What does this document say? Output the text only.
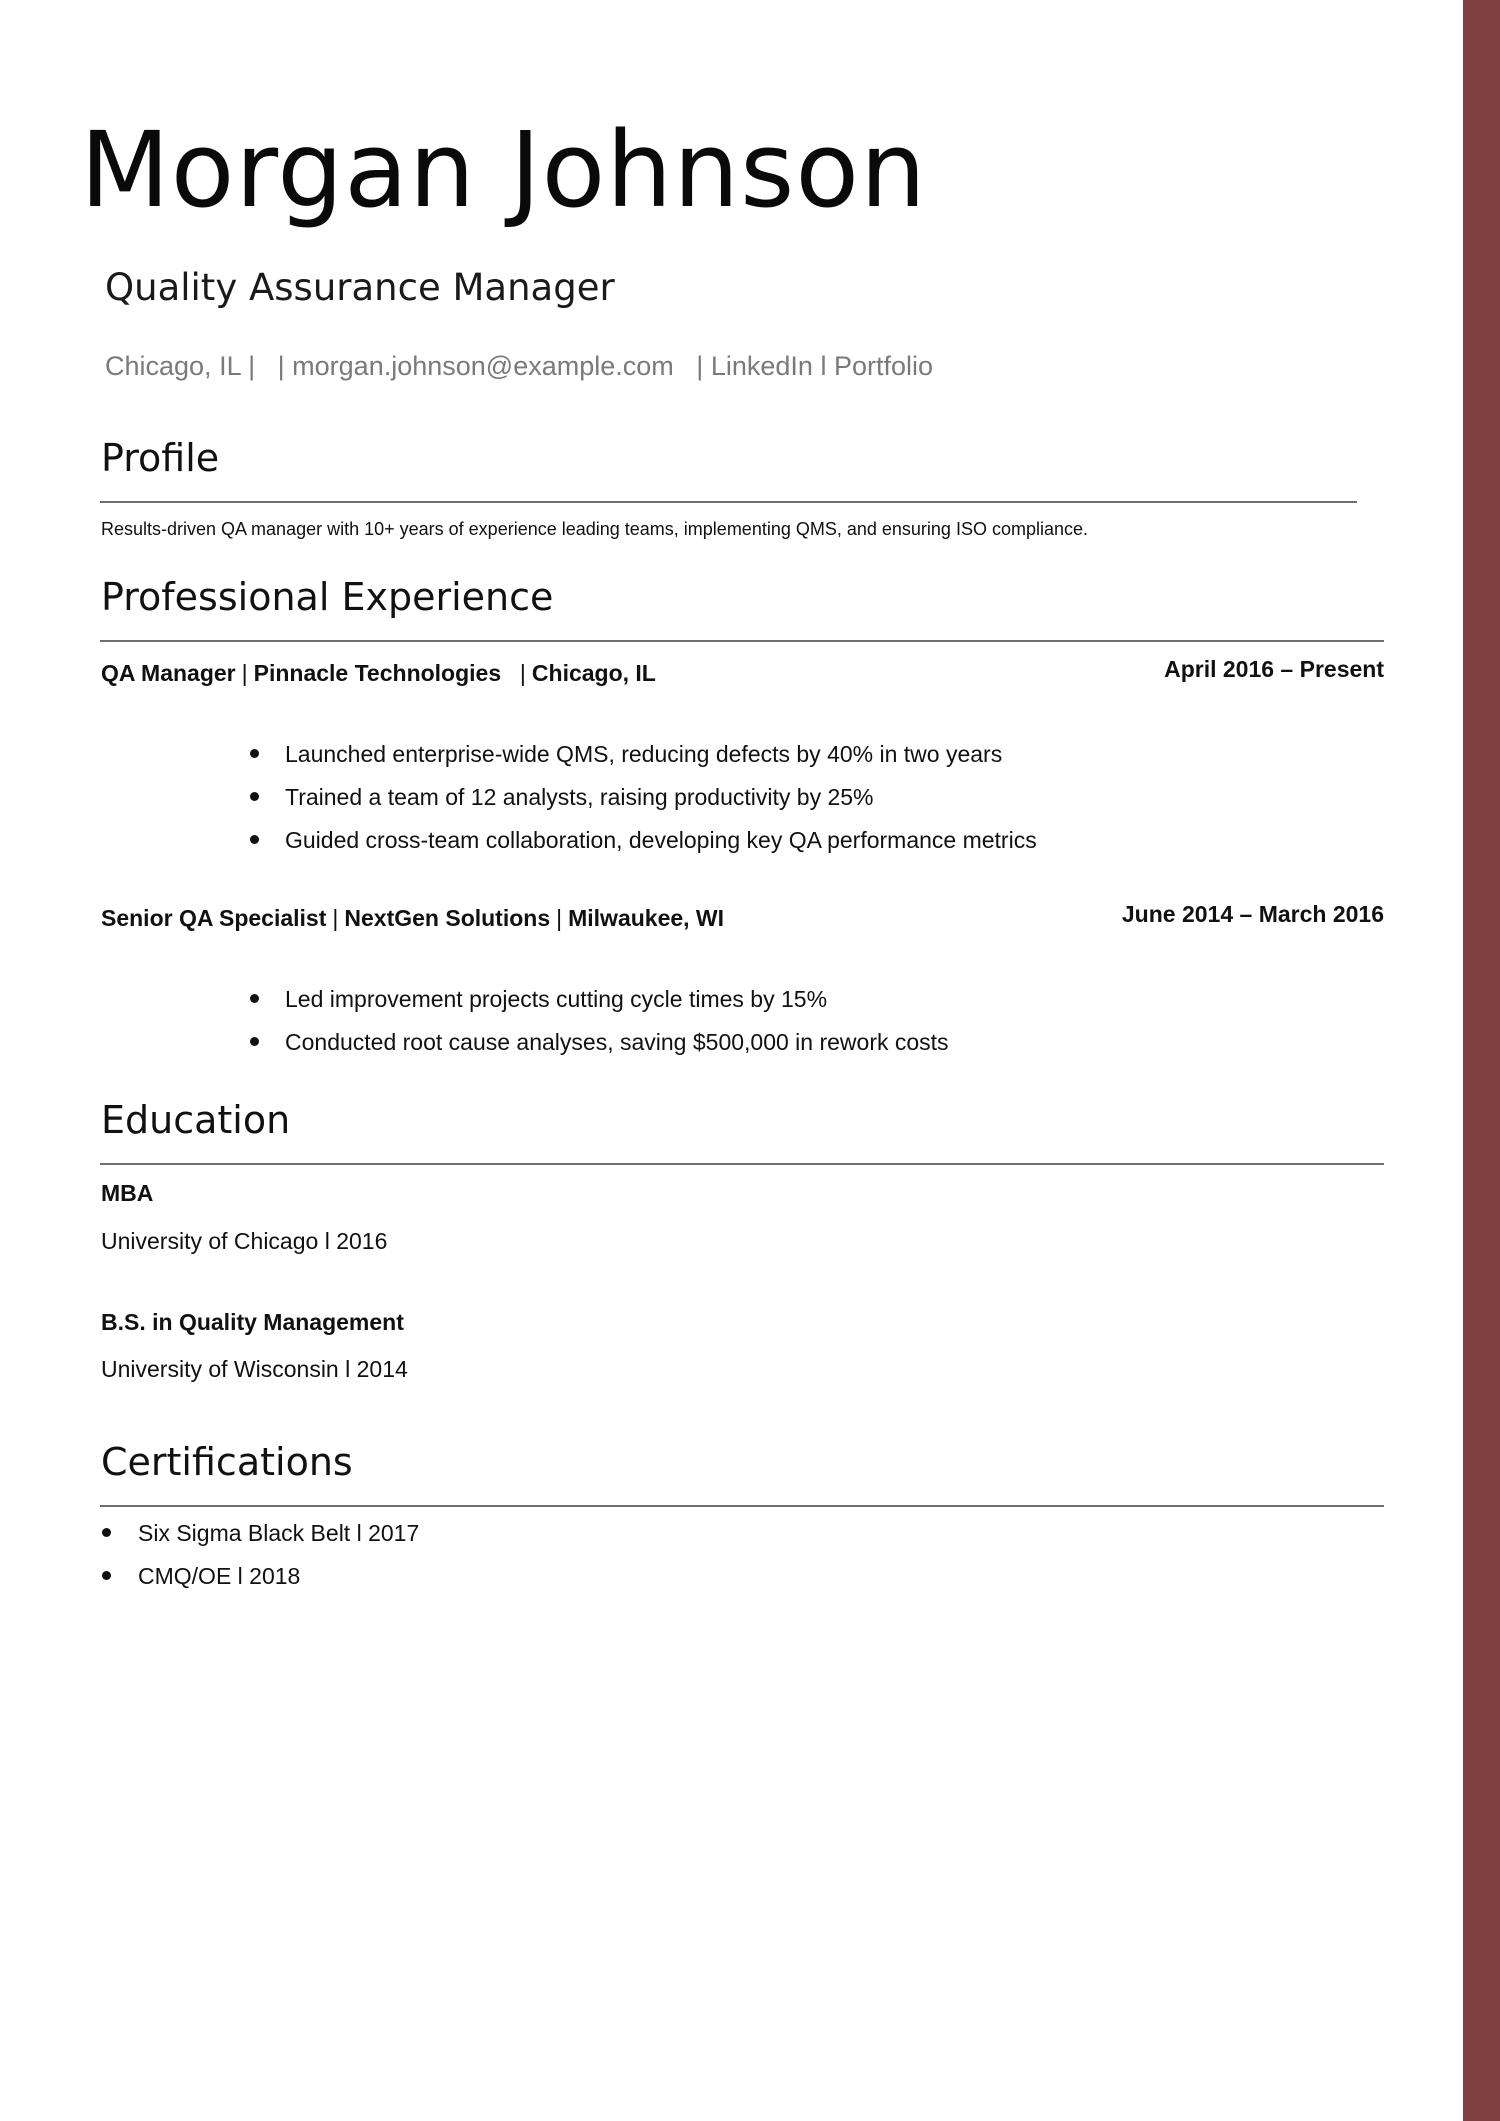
Morgan Johnson
Quality Assurance Manager
Chicago, IL | | morgan.johnson@example.com | LinkedIn l Portfolio
Profile
Results-driven QA manager with 10+ years of experience leading teams, implementing QMS, and ensuring ISO compliance.
Professional Experience
QA Manager | Pinnacle Technologies | Chicago, IL	April 2016 – Present
Launched enterprise-wide QMS, reducing defects by 40% in two years
Trained a team of 12 analysts, raising productivity by 25%
Guided cross-team collaboration, developing key QA performance metrics
Senior QA Specialist | NextGen Solutions | Milwaukee, WI	June 2014 – March 2016
Led improvement projects cutting cycle times by 15%
Conducted root cause analyses, saving $500,000 in rework costs
Education
MBA
University of Chicago l 2016
B.S. in Quality Management
University of Wisconsin l 2014
Certifications
Six Sigma Black Belt l 2017
CMQ/OE l 2018
